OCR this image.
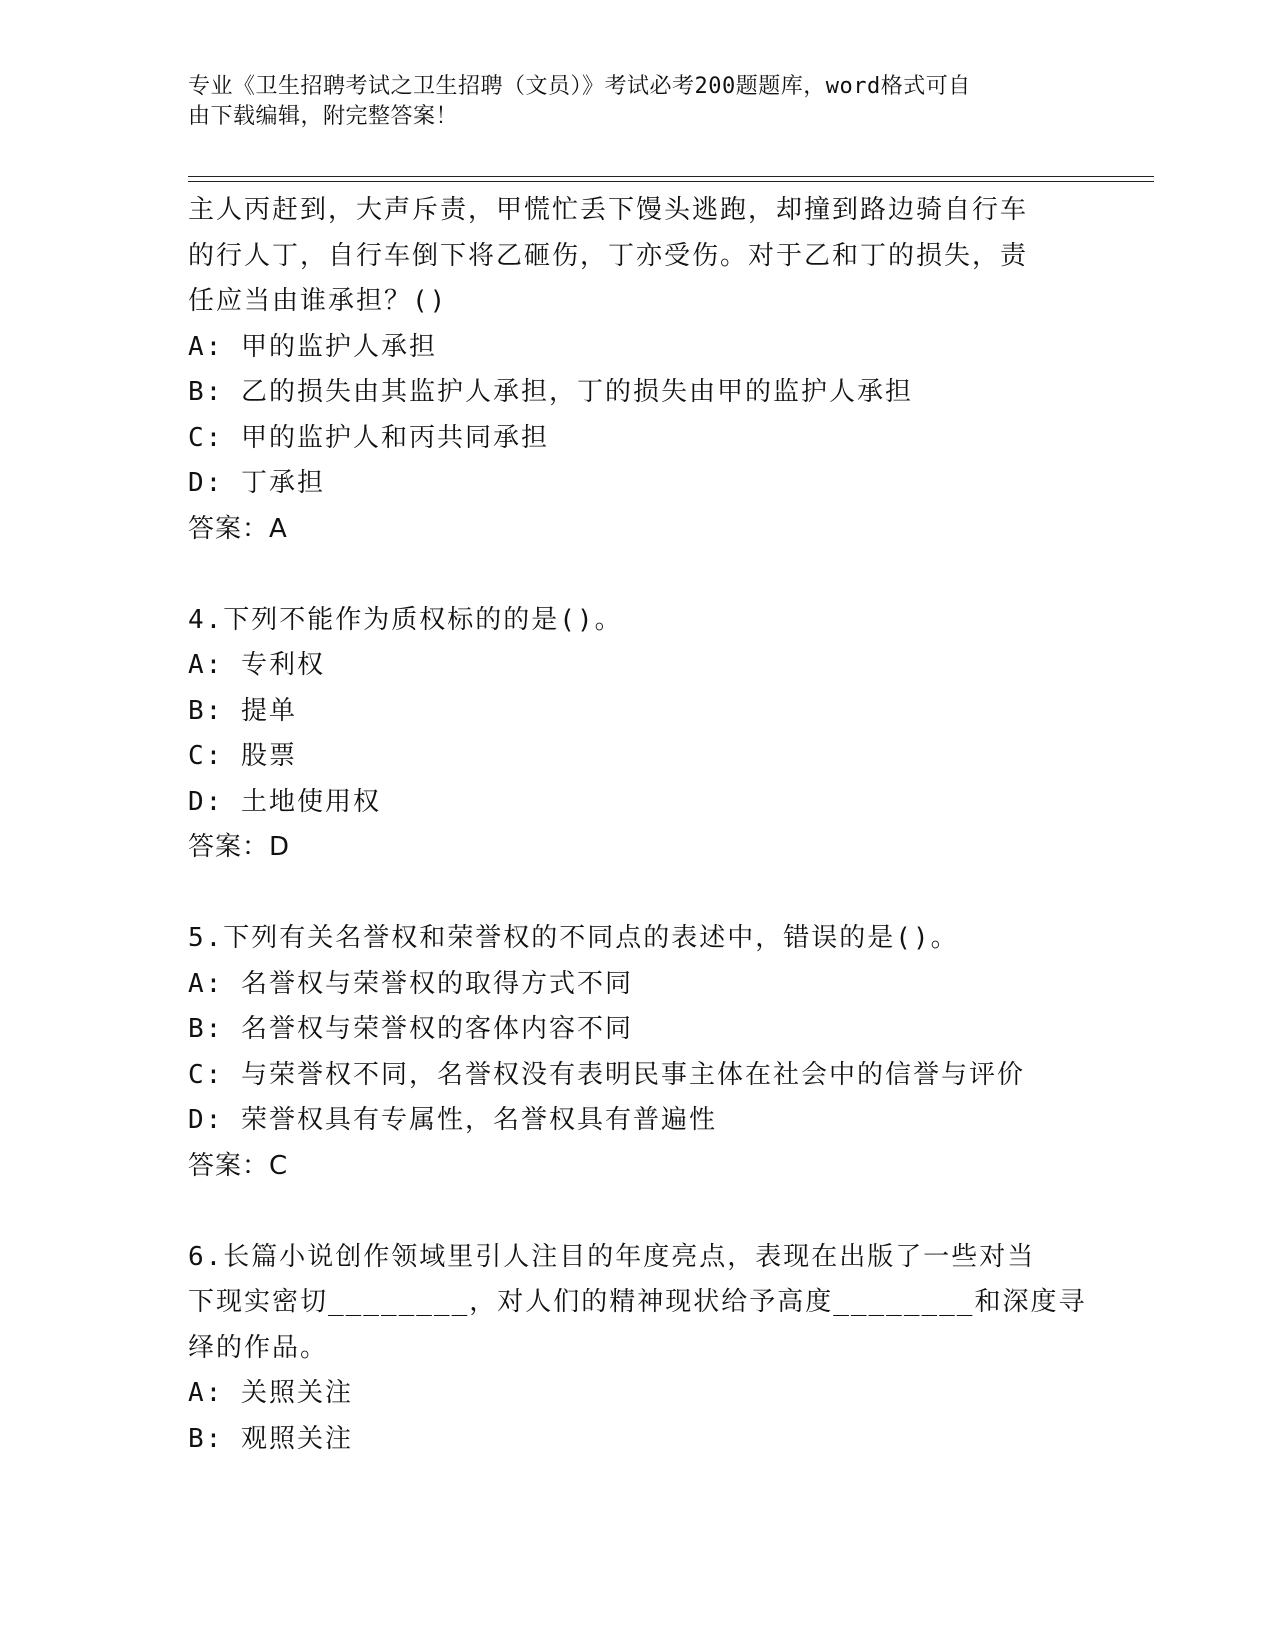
专业《卫生招聘考试之卫生招聘（文员）》考试必考200题题库，word格式可自
由下载编辑，附完整答案！
主人丙赶到，大声斥责，甲慌忙丢下馒头逃跑，却撞到路边骑自行车
的行人丁，自行车倒下将乙砸伤，丁亦受伤。对于乙和丁的损失，责
任应当由谁承担？()
A: 甲的监护人承担
B: 乙的损失由其监护人承担，丁的损失由甲的监护人承担
C: 甲的监护人和丙共同承担
D: 丁承担
答案：A
4.下列不能作为质权标的的是()。
A: 专利权
B: 提单
C: 股票
D: 土地使用权
答案：D
5.下列有关名誉权和荣誉权的不同点的表述中，错误的是()。
A: 名誉权与荣誉权的取得方式不同
B: 名誉权与荣誉权的客体内容不同
C: 与荣誉权不同，名誉权没有表明民事主体在社会中的信誉与评价
D: 荣誉权具有专属性，名誉权具有普遍性
答案：C
6.长篇小说创作领域里引人注目的年度亮点，表现在出版了一些对当
下现实密切________，对人们的精神现状给予高度________和深度寻
绎的作品。
A: 关照关注
B: 观照关注
